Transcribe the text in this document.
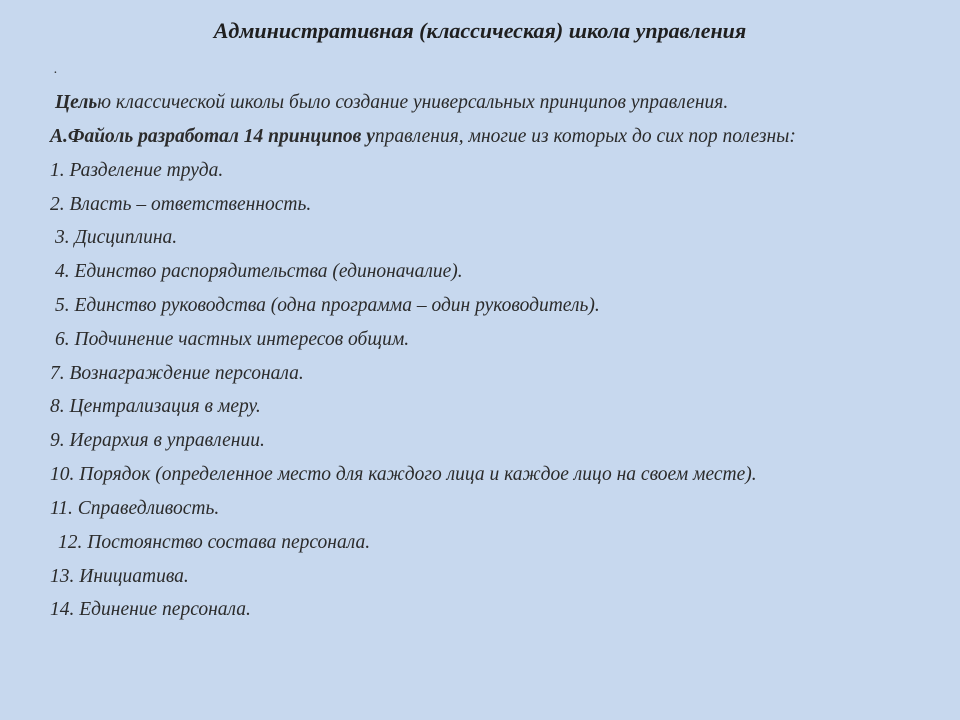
Административная (классическая) школа управления
.

Целью классической школы было создание универсальных принципов управления.

А.Файоль разработал 14 принципов управления, многие из которых до сих пор полезны:

1. Разделение труда.

2. Власть – ответственность.

3. Дисциплина.

4. Единство распорядительства (единоначалие).

5. Единство руководства (одна программа – один руководитель).

6. Подчинение частных интересов общим.

7. Вознаграждение персонала.

8. Централизация в меру.

9. Иерархия в управлении.

10. Порядок (определенное место для каждого лица и каждое лицо на своем месте).

11. Справедливость.

12. Постоянство состава персонала.

13. Инициатива.

14. Единение персонала.
